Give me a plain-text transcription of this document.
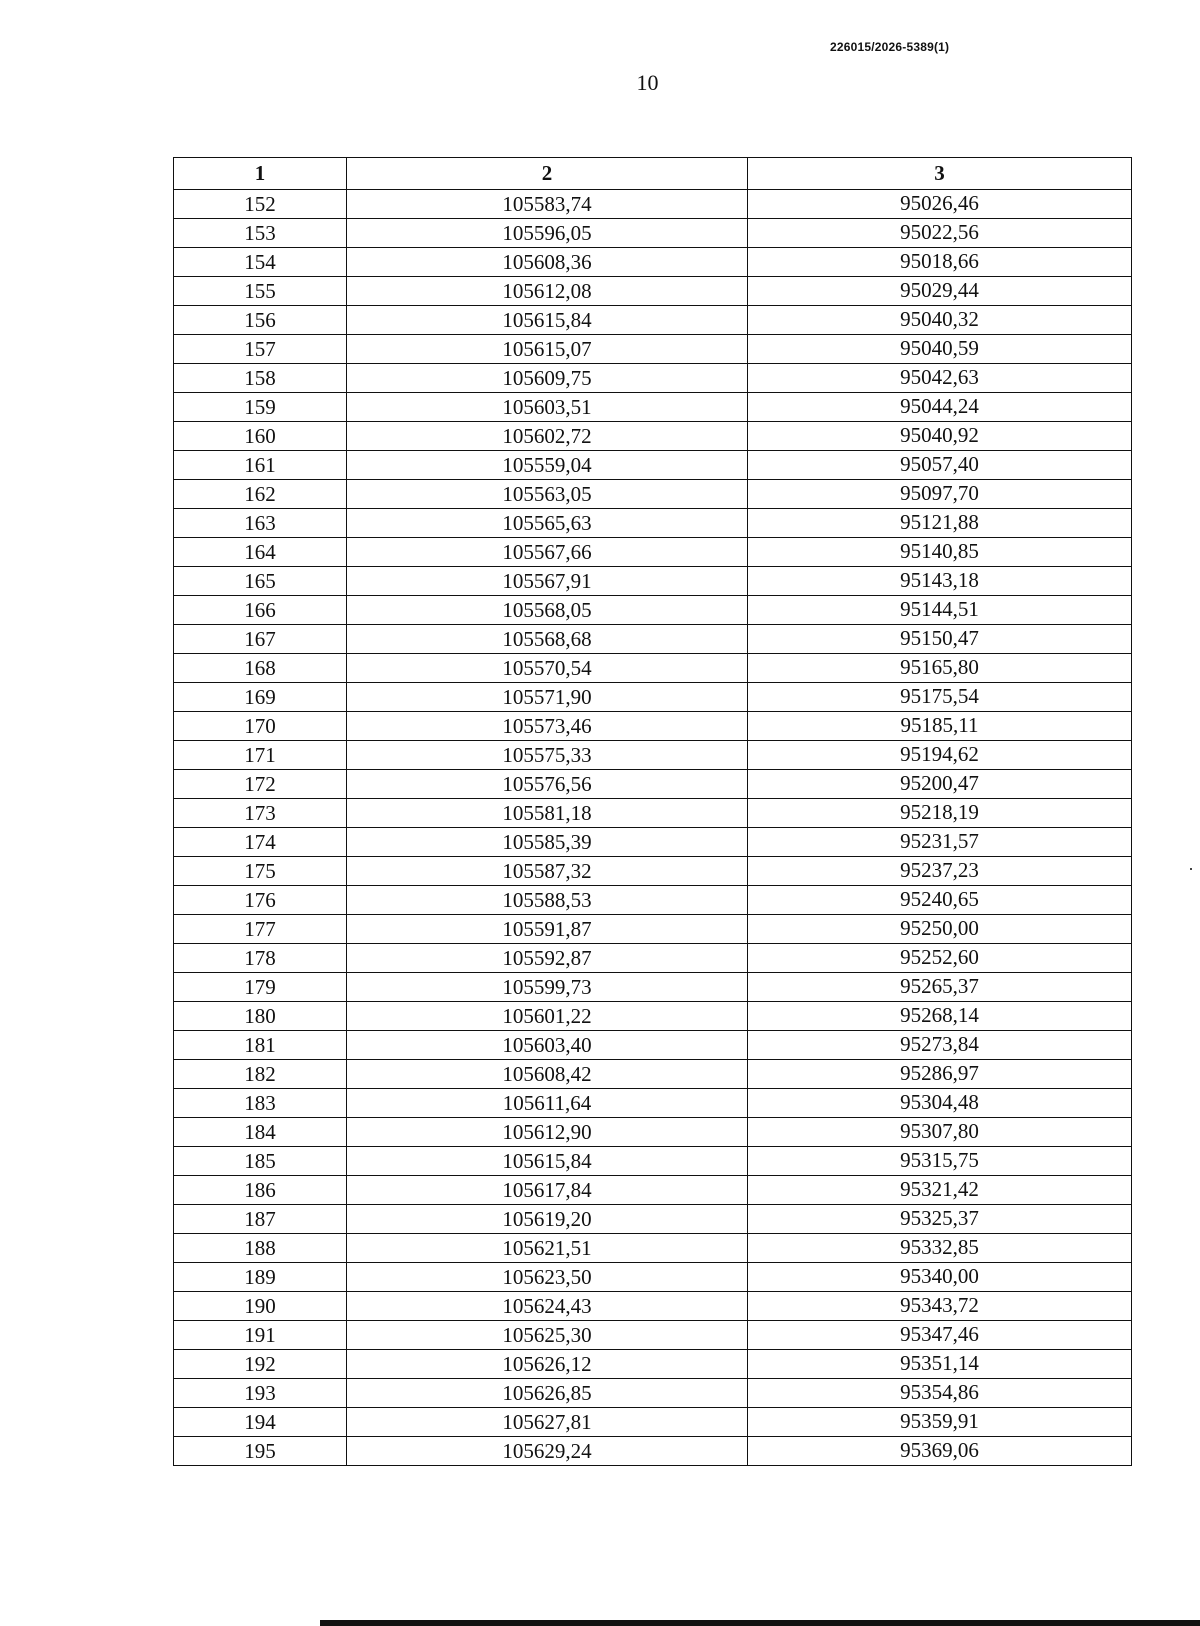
226015/2026-5389(1)
10
1	2	3
152	105583,74	95026,46
153	105596,05	95022,56
154	105608,36	95018,66
155	105612,08	95029,44
156	105615,84	95040,32
157	105615,07	95040,59
158	105609,75	95042,63
159	105603,51	95044,24
160	105602,72	95040,92
161	105559,04	95057,40
162	105563,05	95097,70
163	105565,63	95121,88
164	105567,66	95140,85
165	105567,91	95143,18
166	105568,05	95144,51
167	105568,68	95150,47
168	105570,54	95165,80
169	105571,90	95175,54
170	105573,46	95185,11
171	105575,33	95194,62
172	105576,56	95200,47
173	105581,18	95218,19
174	105585,39	95231,57
175	105587,32	95237,23
176	105588,53	95240,65
177	105591,87	95250,00
178	105592,87	95252,60
179	105599,73	95265,37
180	105601,22	95268,14
181	105603,40	95273,84
182	105608,42	95286,97
183	105611,64	95304,48
184	105612,90	95307,80
185	105615,84	95315,75
186	105617,84	95321,42
187	105619,20	95325,37
188	105621,51	95332,85
189	105623,50	95340,00
190	105624,43	95343,72
191	105625,30	95347,46
192	105626,12	95351,14
193	105626,85	95354,86
194	105627,81	95359,91
195	105629,24	95369,06
